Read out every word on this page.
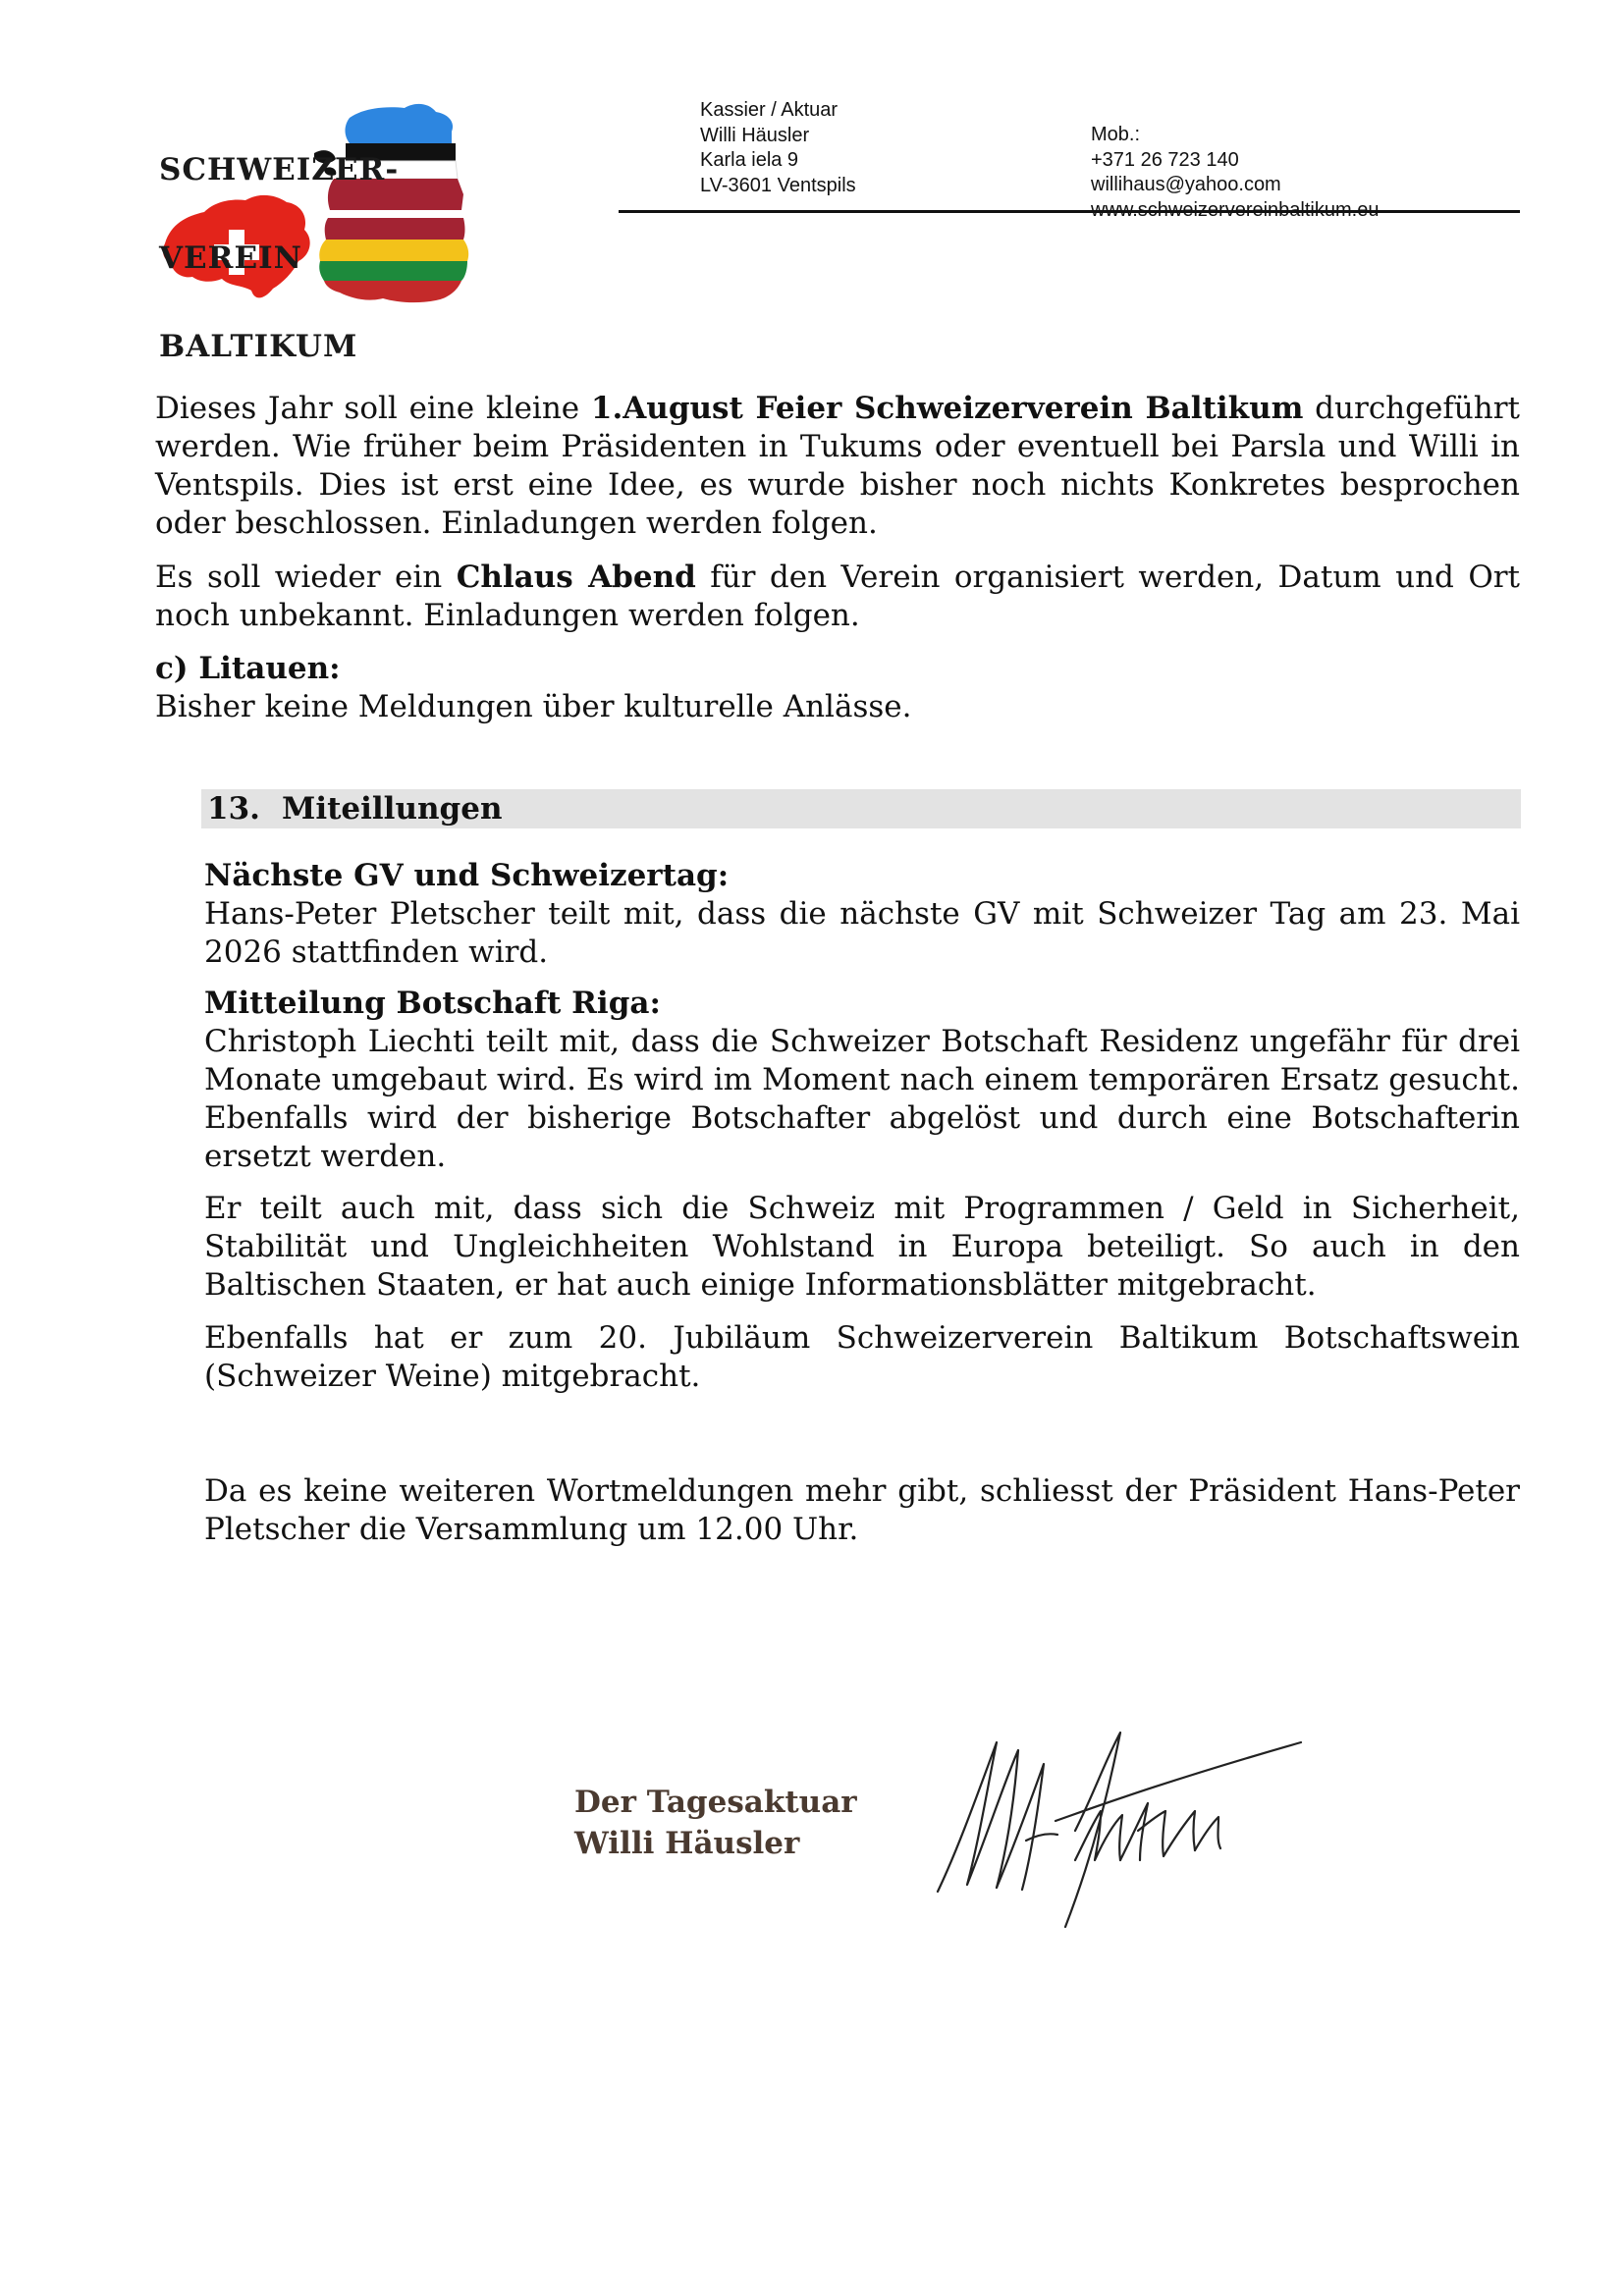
SCHWEIZER-

VEREIN

BALTIKUM

Kassier / Aktuar
Willi Häusler
Karla iela 9
LV-3601 Ventspils
Mob.:
+371 26 723 140
willihaus@yahoo.com

Dieses Jahr soll eine kleine 1.August Feier Schweizerverein Baltikum durchgeführt werden. Wie früher beim Präsidenten in Tukums oder eventuell bei Parsla und Willi in Ventspils. Dies ist erst eine Idee, es wurde bisher noch nichts Konkretes besprochen oder beschlossen. Einladungen werden folgen.

Es soll wieder ein Chlaus Abend für den Verein organisiert werden, Datum und Ort noch unbekannt. Einladungen werden folgen.

c) Litauen:
Bisher keine Meldungen über kulturelle Anlässe.
13. Miteillungen
Nächste GV und Schweizertag:

Hans-Peter Pletscher teilt mit, dass die nächste GV mit Schweizer Tag am 23. Mai 2026 stattfinden wird.

Mitteilung Botschaft Riga:

Christoph Liechti teilt mit, dass die Schweizer Botschaft Residenz ungefähr für drei Monate umgebaut wird. Es wird im Moment nach einem temporären Ersatz gesucht. Ebenfalls wird der bisherige Botschafter abgelöst und durch eine Botschafterin ersetzt werden.

Er teilt auch mit, dass sich die Schweiz mit Programmen / Geld in Sicherheit, Stabilität und Ungleichheiten Wohlstand in Europa beteiligt. So auch in den Baltischen Staaten, er hat auch einige Informationsblätter mitgebracht.

Ebenfalls hat er zum 20. Jubiläum Schweizerverein Baltikum Botschaftswein (Schweizer Weine) mitgebracht.

Da es keine weiteren Wortmeldungen mehr gibt, schliesst der Präsident Hans-Peter Pletscher die Versammlung um 12.00 Uhr.

Der Tagesaktuar
Willi Häusler
